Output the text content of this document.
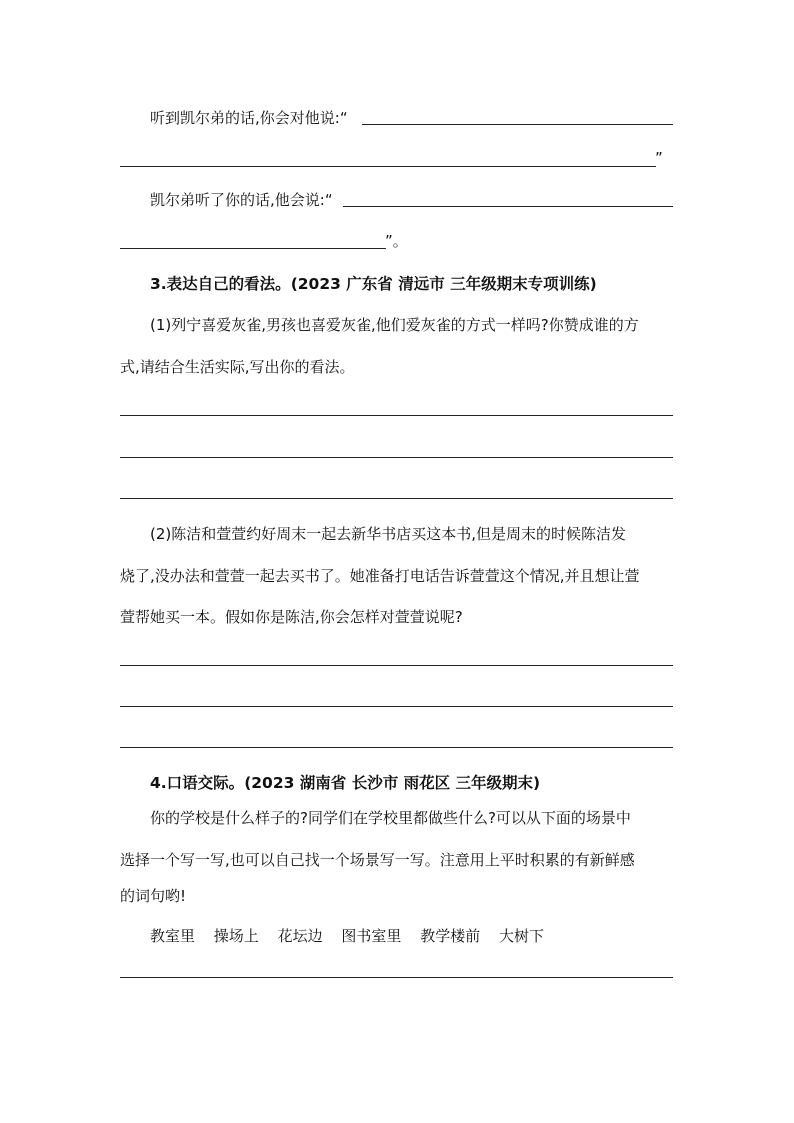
听到凯尔弟的话,你会对他说:“
”
凯尔弟听了你的话,他会说:“
”。
3.表达自己的看法。(2023 广东省 清远市 三年级期末专项训练)
(1)列宁喜爱灰雀,男孩也喜爱灰雀,他们爱灰雀的方式一样吗?你赞成谁的方
式,请结合生活实际,写出你的看法。
(2)陈洁和萱萱约好周末一起去新华书店买这本书,但是周末的时候陈洁发
烧了,没办法和萱萱一起去买书了。她准备打电话告诉萱萱这个情况,并且想让萱
萱帮她买一本。假如你是陈洁,你会怎样对萱萱说呢?
4.口语交际。(2023 湖南省 长沙市 雨花区 三年级期末)
你的学校是什么样子的?同学们在学校里都做些什么?可以从下面的场景中
选择一个写一写,也可以自己找一个场景写一写。注意用上平时积累的有新鲜感
的词句哟!
教室里 操场上 花坛边 图书室里 教学楼前 大树下
